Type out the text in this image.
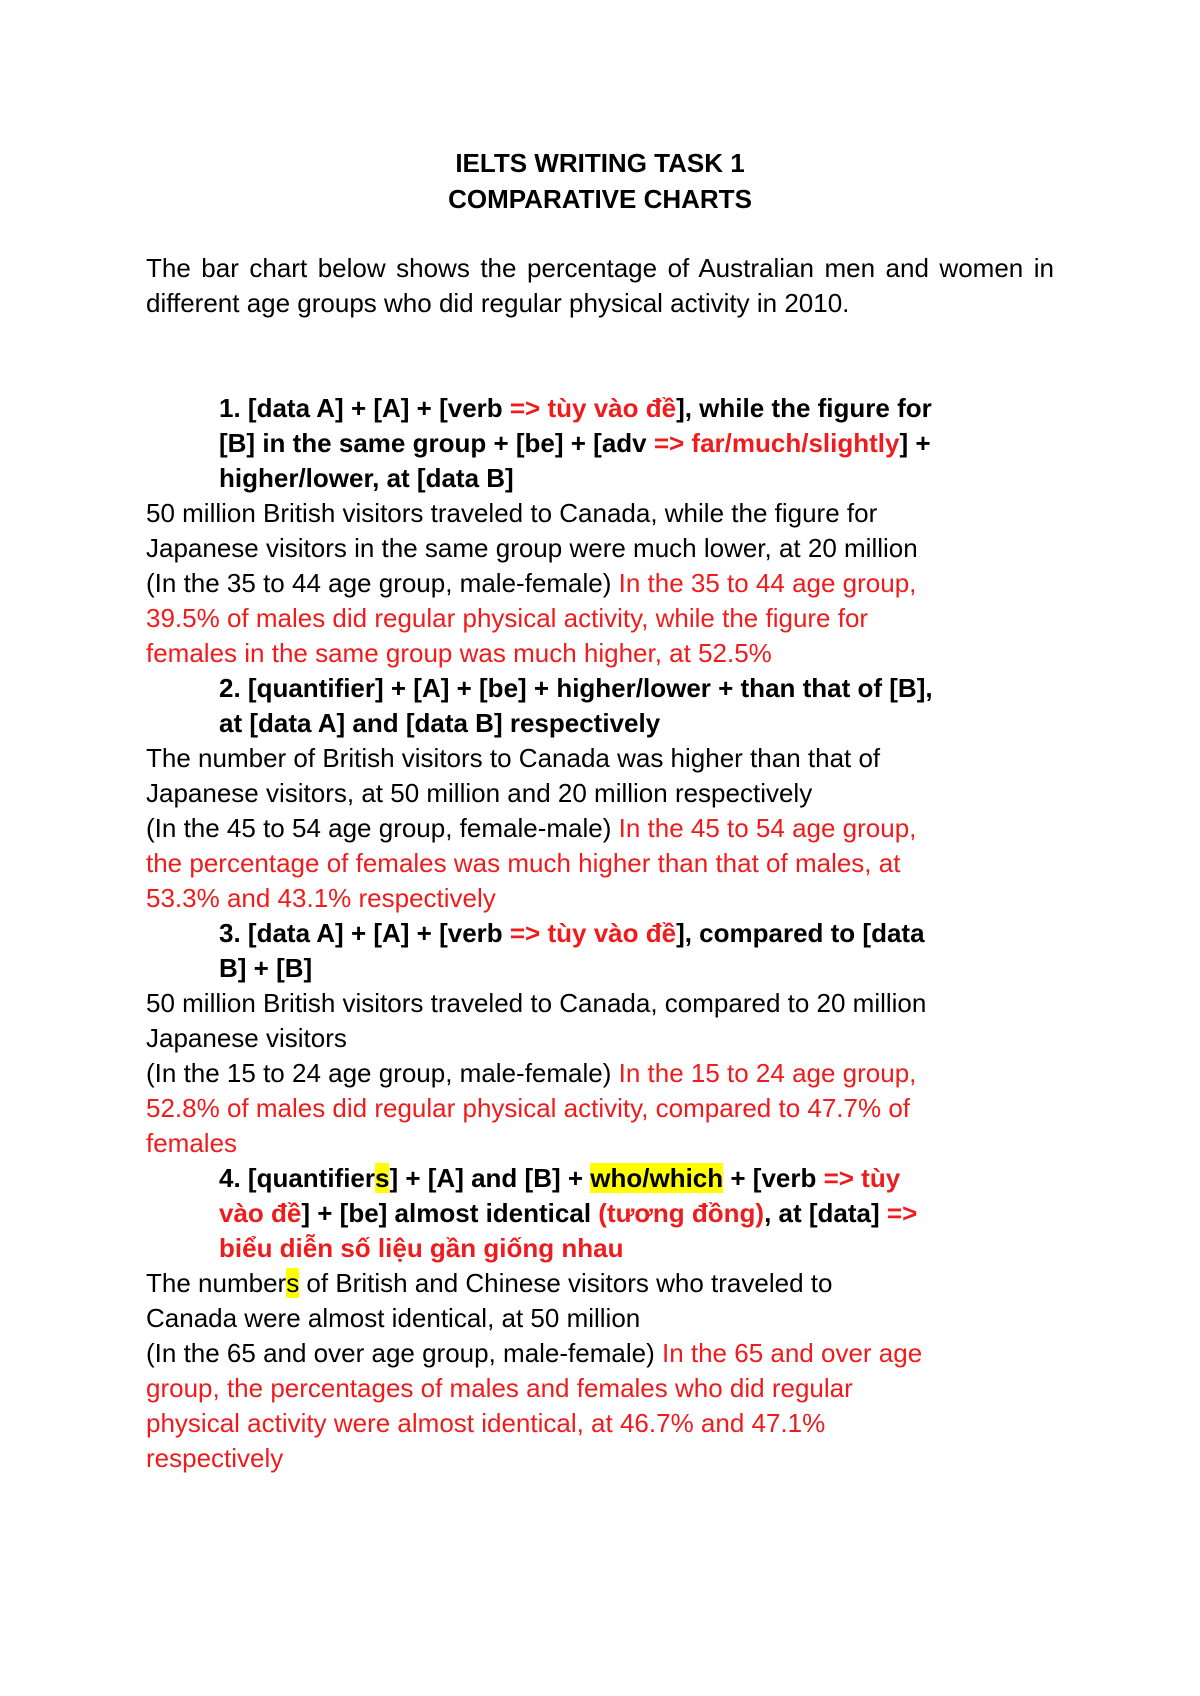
IELTS WRITING TASK 1
COMPARATIVE CHARTS
The bar chart below shows the percentage of Australian men and women in different age groups who did regular physical activity in 2010.
1. [data A] + [A] + [verb => tùy vào đề], while the figure for
[B] in the same group + [be] + [adv => far/much/slightly] +
higher/lower, at [data B]
50 million British visitors traveled to Canada, while the figure for
Japanese visitors in the same group were much lower, at 20 million
(In the 35 to 44 age group, male-female) In the 35 to 44 age group,
39.5% of males did regular physical activity, while the figure for
females in the same group was much higher, at 52.5%
2. [quantifier] + [A] + [be] + higher/lower + than that of [B],
at [data A] and [data B] respectively
The number of British visitors to Canada was higher than that of
Japanese visitors, at 50 million and 20 million respectively
(In the 45 to 54 age group, female-male) In the 45 to 54 age group,
the percentage of females was much higher than that of males, at
53.3% and 43.1% respectively
3. [data A] + [A] + [verb => tùy vào đề], compared to [data
B] + [B]
50 million British visitors traveled to Canada, compared to 20 million
Japanese visitors
(In the 15 to 24 age group, male-female) In the 15 to 24 age group,
52.8% of males did regular physical activity, compared to 47.7% of
females
4. [quantifiers] + [A] and [B] + who/which + [verb => tùy
vào đề] + [be] almost identical (tương đồng), at [data] =>
biểu diễn số liệu gần giống nhau
The numbers of British and Chinese visitors who traveled to
Canada were almost identical, at 50 million
(In the 65 and over age group, male-female) In the 65 and over age
group, the percentages of males and females who did regular
physical activity were almost identical, at 46.7% and 47.1%
respectively
